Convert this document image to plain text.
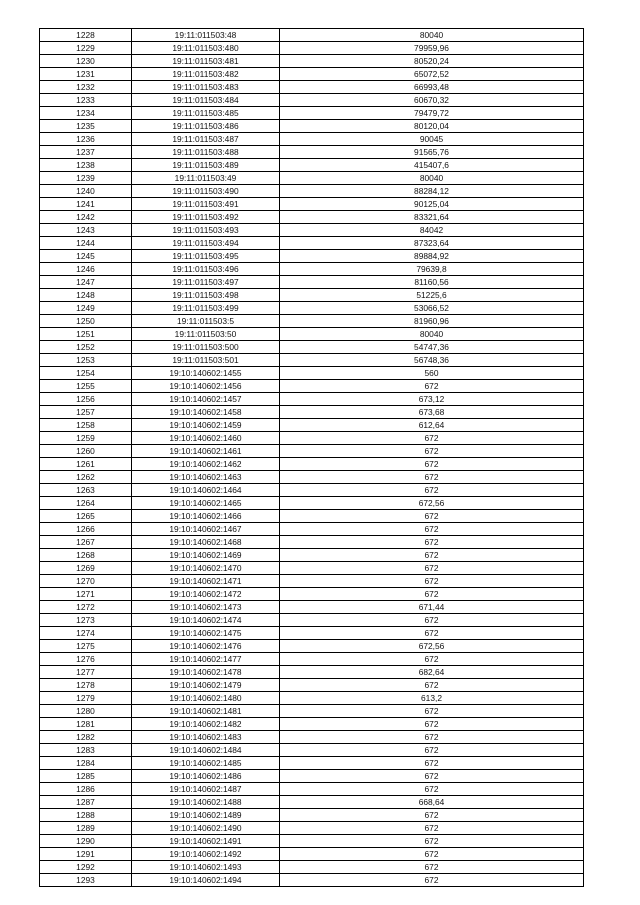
1228	19:11:011503:48	80040
1229	19:11:011503:480	79959,96
1230	19:11:011503:481	80520,24
1231	19:11:011503:482	65072,52
1232	19:11:011503:483	66993,48
1233	19:11:011503:484	60670,32
1234	19:11:011503:485	79479,72
1235	19:11:011503:486	80120,04
1236	19:11:011503:487	90045
1237	19:11:011503:488	91565,76
1238	19:11:011503:489	415407,6
1239	19:11:011503:49	80040
1240	19:11:011503:490	88284,12
1241	19:11:011503:491	90125,04
1242	19:11:011503:492	83321,64
1243	19:11:011503:493	84042
1244	19:11:011503:494	87323,64
1245	19:11:011503:495	89884,92
1246	19:11:011503:496	79639,8
1247	19:11:011503:497	81160,56
1248	19:11:011503:498	51225,6
1249	19:11:011503:499	53066,52
1250	19:11:011503:5	81960,96
1251	19:11:011503:50	80040
1252	19:11:011503:500	54747,36
1253	19:11:011503:501	56748,36
1254	19:10:140602:1455	560
1255	19:10:140602:1456	672
1256	19:10:140602:1457	673,12
1257	19:10:140602:1458	673,68
1258	19:10:140602:1459	612,64
1259	19:10:140602:1460	672
1260	19:10:140602:1461	672
1261	19:10:140602:1462	672
1262	19:10:140602:1463	672
1263	19:10:140602:1464	672
1264	19:10:140602:1465	672,56
1265	19:10:140602:1466	672
1266	19:10:140602:1467	672
1267	19:10:140602:1468	672
1268	19:10:140602:1469	672
1269	19:10:140602:1470	672
1270	19:10:140602:1471	672
1271	19:10:140602:1472	672
1272	19:10:140602:1473	671,44
1273	19:10:140602:1474	672
1274	19:10:140602:1475	672
1275	19:10:140602:1476	672,56
1276	19:10:140602:1477	672
1277	19:10:140602:1478	682,64
1278	19:10:140602:1479	672
1279	19:10:140602:1480	613,2
1280	19:10:140602:1481	672
1281	19:10:140602:1482	672
1282	19:10:140602:1483	672
1283	19:10:140602:1484	672
1284	19:10:140602:1485	672
1285	19:10:140602:1486	672
1286	19:10:140602:1487	672
1287	19:10:140602:1488	668,64
1288	19:10:140602:1489	672
1289	19:10:140602:1490	672
1290	19:10:140602:1491	672
1291	19:10:140602:1492	672
1292	19:10:140602:1493	672
1293	19:10:140602:1494	672
